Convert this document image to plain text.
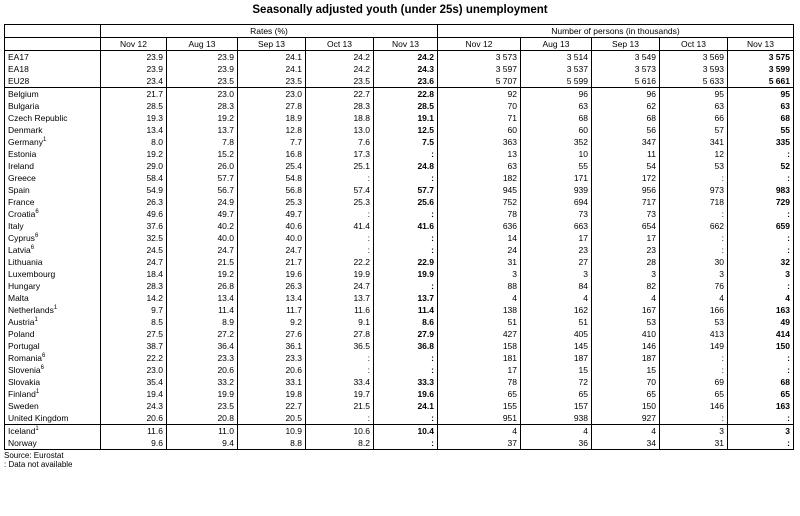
Seasonally adjusted youth (under 25s) unemployment
	Rates (%)					Number of persons (in thousands)				
	Nov 12	Aug 13	Sep 13	Oct 13	Nov 13	Nov 12	Aug 13	Sep 13	Oct 13	Nov 13
EA17	23.9	23.9	24.1	24.2	24.2	3 573	3 514	3 549	3 569	3 575
EA18	23.9	23.9	24.1	24.2	24.3	3 597	3 537	3 573	3 593	3 599
EU28	23.4	23.5	23.5	23.5	23.6	5 707	5 599	5 616	5 633	5 661
Belgium	21.7	23.0	23.0	22.7	22.8	92	96	96	95	95
Bulgaria	28.5	28.3	27.8	28.3	28.5	70	63	62	63	63
Czech Republic	19.3	19.2	18.9	18.8	19.1	71	68	68	66	68
Denmark	13.4	13.7	12.8	13.0	12.5	60	60	56	57	55
Germany$^1$	8.0	7.8	7.7	7.6	7.5	363	352	347	341	335
Estonia	19.2	15.2	16.8	17.3	:	13	10	11	12	:
Ireland	29.0	26.0	25.4	25.1	24.8	63	55	54	53	52
Greece	58.4	57.7	54.8	:	:	182	171	172	:	:
Spain	54.9	56.7	56.8	57.4	57.7	945	939	956	973	983
France	26.3	24.9	25.3	25.3	25.6	752	694	717	718	729
Croatia$^6$	49.6	49.7	49.7	:	:	78	73	73	:	:
Italy	37.6	40.2	40.6	41.4	41.6	636	663	654	662	659
Cyprus$^6$	32.5	40.0	40.0	:	:	14	17	17	:	:
Latvia$^6$	24.5	24.7	24.7	:	:	24	23	23	:	:
Lithuania	24.7	21.5	21.7	22.2	22.9	31	27	28	30	32
Luxembourg	18.4	19.2	19.6	19.9	19.9	3	3	3	3	3
Hungary	28.3	26.8	26.3	24.7	:	88	84	82	76	:
Malta	14.2	13.4	13.4	13.7	13.7	4	4	4	4	4
Netherlands$^1$	9.7	11.4	11.7	11.6	11.4	138	162	167	166	163
Austria$^1$	8.5	8.9	9.2	9.1	8.6	51	51	53	53	49
Poland	27.5	27.2	27.6	27.8	27.9	427	405	410	413	414
Portugal	38.7	36.4	36.1	36.5	36.8	158	145	146	149	150
Romania$^6$	22.2	23.3	23.3	:	:	181	187	187	:	:
Slovenia$^6$	23.0	20.6	20.6	:	:	17	15	15	:	:
Slovakia	35.4	33.2	33.1	33.4	33.3	78	72	70	69	68
Finland$^1$	19.4	19.9	19.8	19.7	19.6	65	65	65	65	65
Sweden	24.3	23.5	22.7	21.5	24.1	155	157	150	146	163
United Kingdom	20.6	20.8	20.5	:	:	951	938	927	:	:
Iceland$^1$	11.6	11.0	10.9	10.6	10.4	4	4	4	3	3
Norway	9.6	9.4	8.8	8.2	:	37	36	34	31	:
Source: Eurostat
: Data not available
